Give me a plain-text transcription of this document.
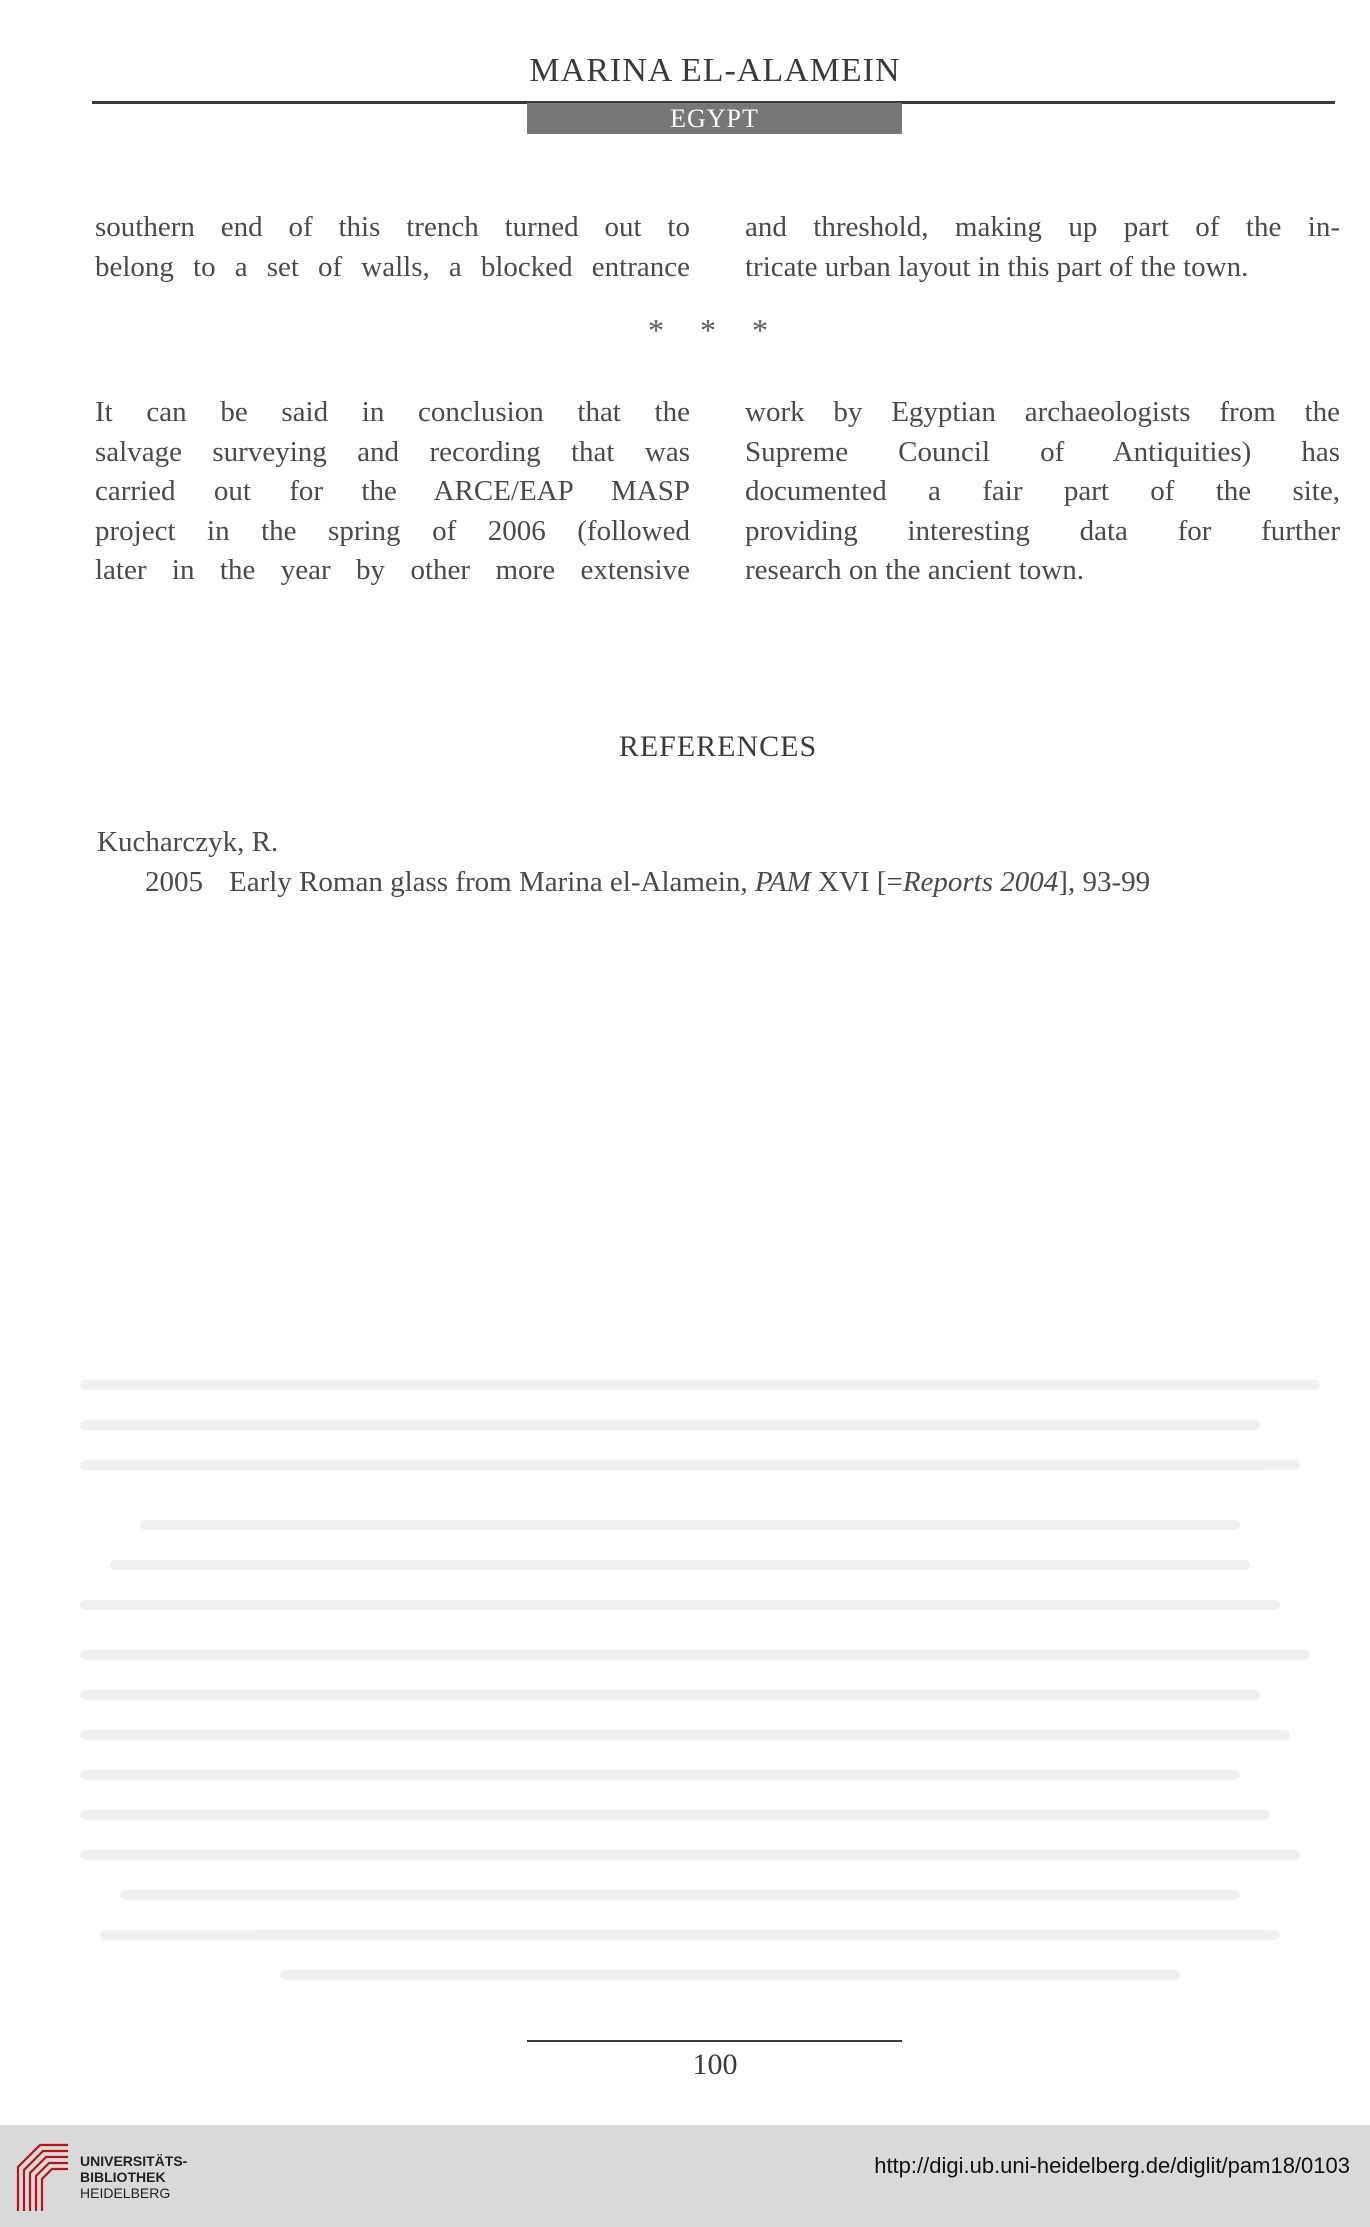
MARINA EL-ALAMEIN
EGYPT
southern end of this trench turned out to
belong to a set of walls, a blocked entrance
and threshold, making up part of the in-
tricate urban layout in this part of the town.
* * *
It can be said in conclusion that the
salvage surveying and recording that was
carried out for the ARCE/EAP MASP
project in the spring of 2006 (followed
later in the year by other more extensive
work by Egyptian archaeologists from the
Supreme Council of Antiquities) has
documented a fair part of the site,
providing interesting data for further
research on the ancient town.
REFERENCES
Kucharczyk, R.
2005 Early Roman glass from Marina el-Alamein, PAM XVI [=Reports 2004], 93-99
100
UNIVERSITÄTS-
BIBLIOTHEK
HEIDELBERG
http://digi.ub.uni-heidelberg.de/diglit/pam18/0103
